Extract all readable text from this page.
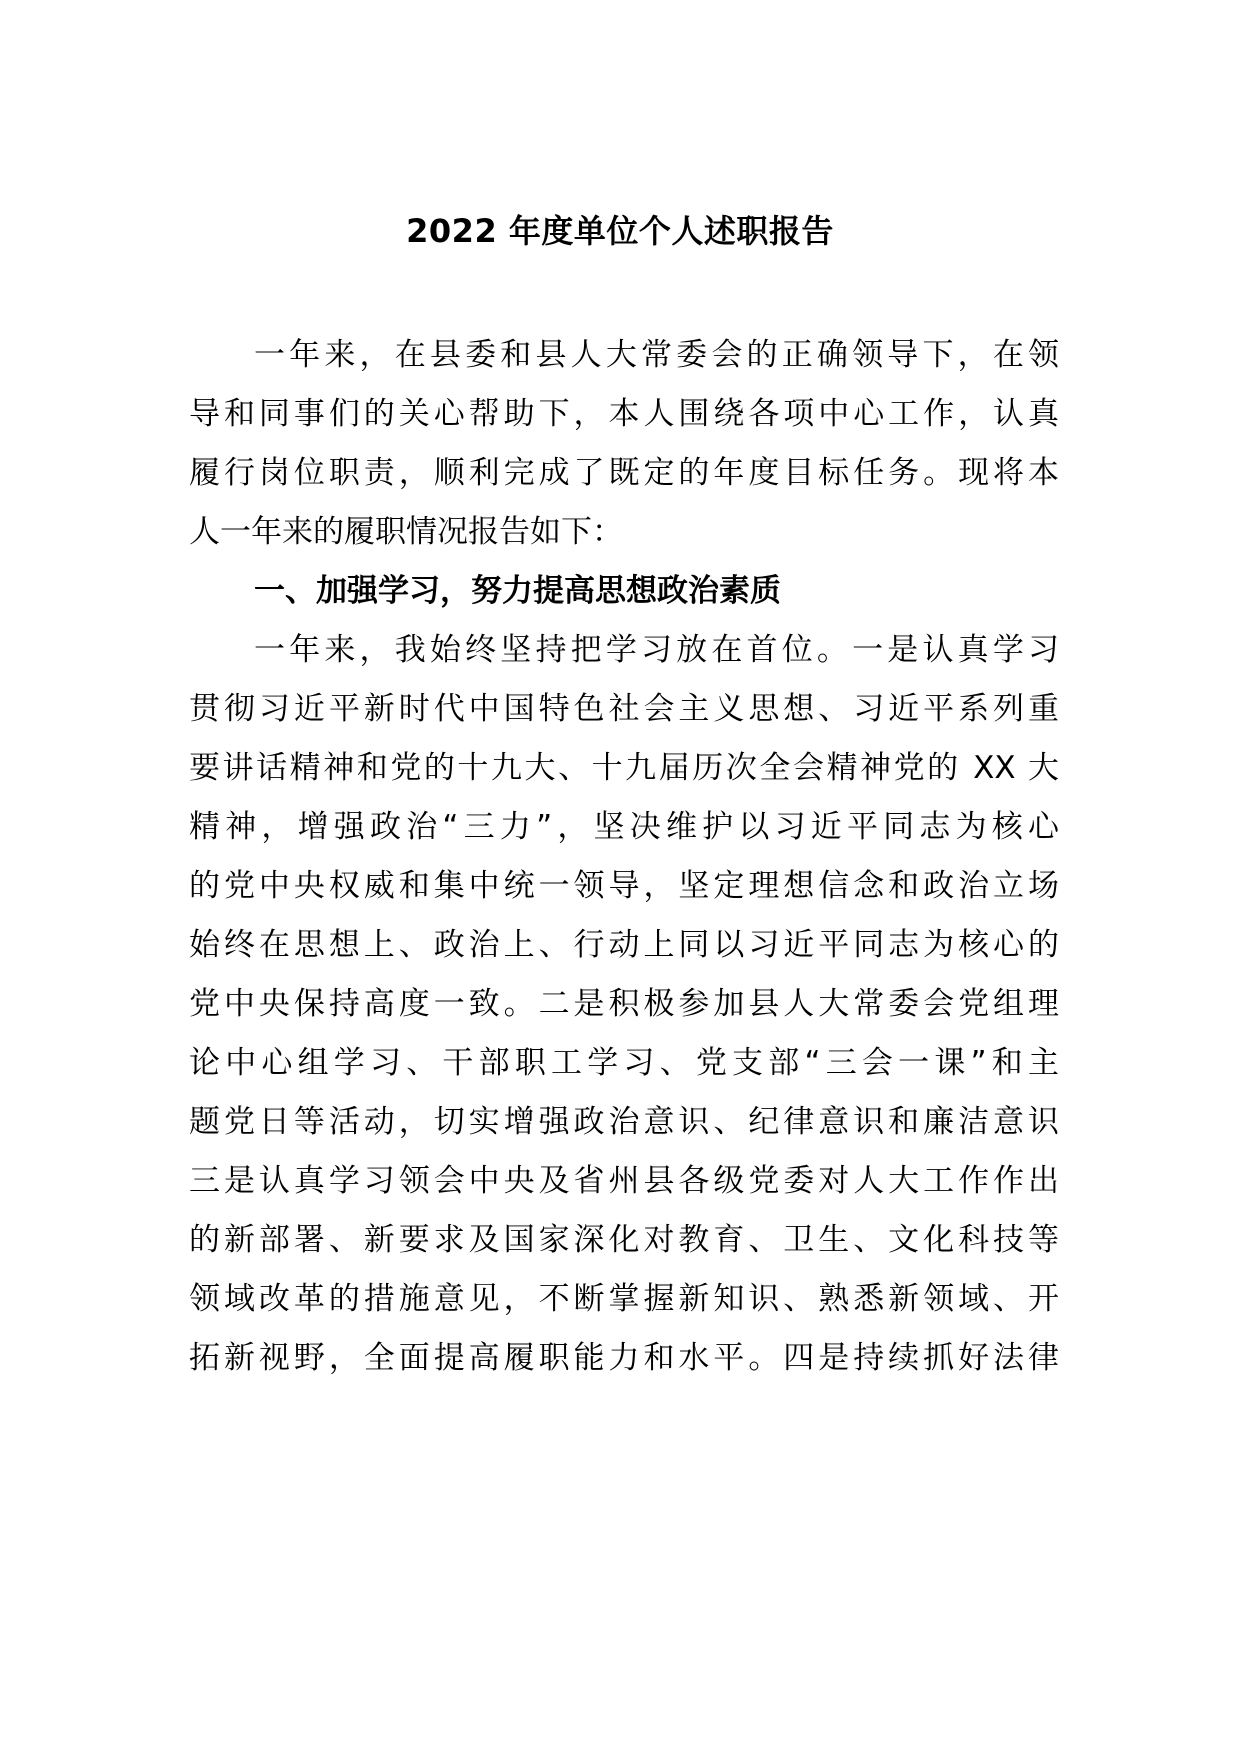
2022 年度单位个人述职报告
一年来，在县委和县人大常委会的正确领导下，在领
导和同事们的关心帮助下，本人围绕各项中心工作，认真
履行岗位职责，顺利完成了既定的年度目标任务。现将本
人一年来的履职情况报告如下：
一、加强学习，努力提高思想政治素质
一年来，我始终坚持把学习放在首位。一是认真学习
贯彻习近平新时代中国特色社会主义思想、习近平系列重
要讲话精神和党的十九大、十九届历次全会精神党的 XX 大
精神，增强政治“三力”，坚决维护以习近平同志为核心
的党中央权威和集中统一领导，坚定理想信念和政治立场
始终在思想上、政治上、行动上同以习近平同志为核心的
党中央保持高度一致。二是积极参加县人大常委会党组理
论中心组学习、干部职工学习、党支部“三会一课”和主
题党日等活动，切实增强政治意识、纪律意识和廉洁意识
三是认真学习领会中央及省州县各级党委对人大工作作出
的新部署、新要求及国家深化对教育、卫生、文化科技等
领域改革的措施意见，不断掌握新知识、熟悉新领域、开
拓新视野，全面提高履职能力和水平。四是持续抓好法律
